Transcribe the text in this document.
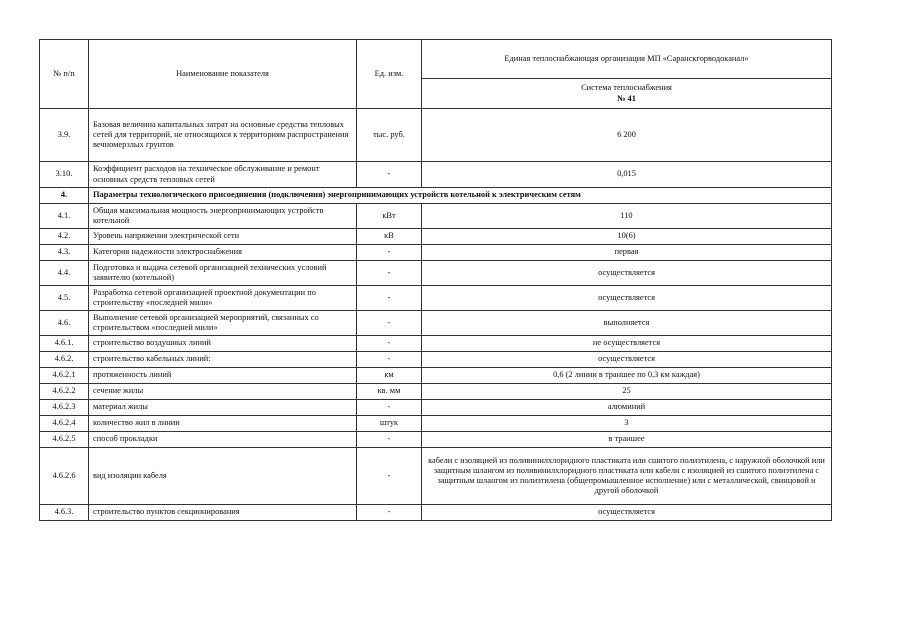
№ п/п	Наименование показателя	Ед. изм.	Единая теплоснабжающая организация МП «Саранскгорводоканал»
			Система теплоснабжения
№ 41

3.9.	Базовая величина капитальных затрат на основные средства тепловых сетей для территорий, не относящихся к территориям распространения вечномерзлых грунтов	тыс. руб.	6 200
3.10.	Коэффициент расходов на техническое обслуживание и ремонт основных средств тепловых сетей	-	0,015
4.	Параметры технологического присоединения (подключения) энергопринимающих устройств котельной к электрическим сетям		
4.1.	Общая максимальная мощность энергопринимающих устройств котельной	кВт	110
4.2.	Уровень напряжения электрической сети	кВ	10(6)
4.3.	Категория надежности электроснабжения	-	первая
4.4.	Подготовка и выдача сетевой организацией технических условий заявителю (котельной)	-	осуществляется
4.5.	Разработка сетевой организацией проектной документации по строительству «последней мили»	-	осуществляется
4.6.	Выполнение сетевой организацией мероприятий, связанных со строительством «последней мили»	-	выполняется
4.6.1.	строительство воздушных линий	-	не осуществляется
4.6.2.	строительство кабельных линий:	-	осуществляется
4.6.2.1	протяженность линий	км	0,6 (2 линии в траншее по 0,3 км каждая)
4.6.2.2	сечение жилы	кв. мм	25
4.6.2.3	материал жилы	-	алюминий
4.6.2.4	количество жил в линии	штук	3
4.6.2.5	способ прокладки	-	в траншее
4.6.2.6	вид изоляции кабеля	-	кабели с изоляцией из поливинилхлоридного пластиката или сшитого полиэтилена, с наружной оболочкой или защитным шлангом из поливинилхлоридного пластиката или кабели с изоляцией из сшитого полиэтилена с защитным шлангом из полиэтилена (общепромышленное исполнение) или с металлической, свинцовой и другой оболочкой
4.6.3.	строительство пунктов секционирования	-	осуществляется
